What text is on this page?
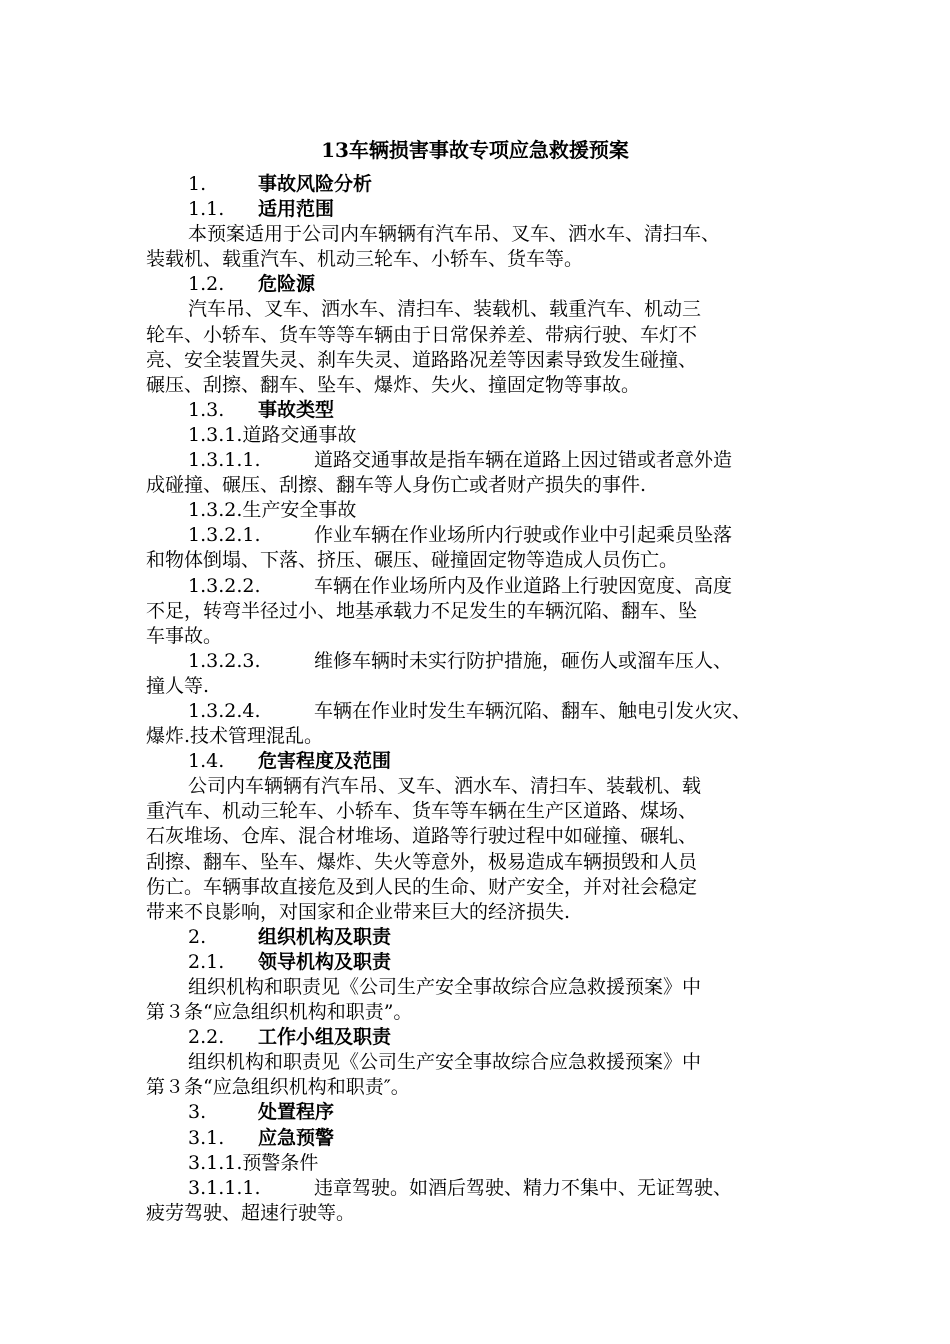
13车辆损害事故专项应急救援预案
1.	事故风险分析
1.1. 适用范围
本预案适用于公司内车辆辆有汽车吊、叉车、洒水车、清扫车、
装载机、载重汽车、机动三轮车、小轿车、货车等。
1.2. 危险源
汽车吊、叉车、洒水车、清扫车、装载机、载重汽车、机动三
轮车、小轿车、货车等等车辆由于日常保养差、带病行驶、车灯不
亮、安全装置失灵、刹车失灵、道路路况差等因素导致发生碰撞、
碾压、刮擦、翻车、坠车、爆炸、失火、撞固定物等事故。
1.3. 事故类型
1.3.1.道路交通事故
1.3.1.1.	道路交通事故是指车辆在道路上因过错或者意外造
成碰撞、碾压、刮擦、翻车等人身伤亡或者财产损失的事件.
1.3.2.生产安全事故
1.3.2.1.	作业车辆在作业场所内行驶或作业中引起乘员坠落
和物体倒塌、下落、挤压、碾压、碰撞固定物等造成人员伤亡。
1.3.2.2.	车辆在作业场所内及作业道路上行驶因宽度、高度
不足，转弯半径过小、地基承载力不足发生的车辆沉陷、翻车、坠
车事故。
1.3.2.3.	维修车辆时未实行防护措施，砸伤人或溜车压人、
撞人等.
1.3.2.4.	车辆在作业时发生车辆沉陷、翻车、触电引发火灾、
爆炸.技术管理混乱。
1.4. 危害程度及范围
公司内车辆辆有汽车吊、叉车、洒水车、清扫车、装载机、载
重汽车、机动三轮车、小轿车、货车等车辆在生产区道路、煤场、
石灰堆场、仓库、混合材堆场、道路等行驶过程中如碰撞、碾轧、
刮擦、翻车、坠车、爆炸、失火等意外，极易造成车辆损毁和人员
伤亡。车辆事故直接危及到人民的生命、财产安全，并对社会稳定
带来不良影响，对国家和企业带来巨大的经济损失.
2.	组织机构及职责
2.1. 领导机构及职责
组织机构和职责见《公司生产安全事故综合应急救援预案》中
第３条“应急组织机构和职责”。
2.2. 工作小组及职责
组织机构和职责见《公司生产安全事故综合应急救援预案》中
第３条“应急组织机构和职责″。
3.	处置程序
3.1. 应急预警
3.1.1.预警条件
3.1.1.1.	违章驾驶。如酒后驾驶、精力不集中、无证驾驶、
疲劳驾驶、超速行驶等。
